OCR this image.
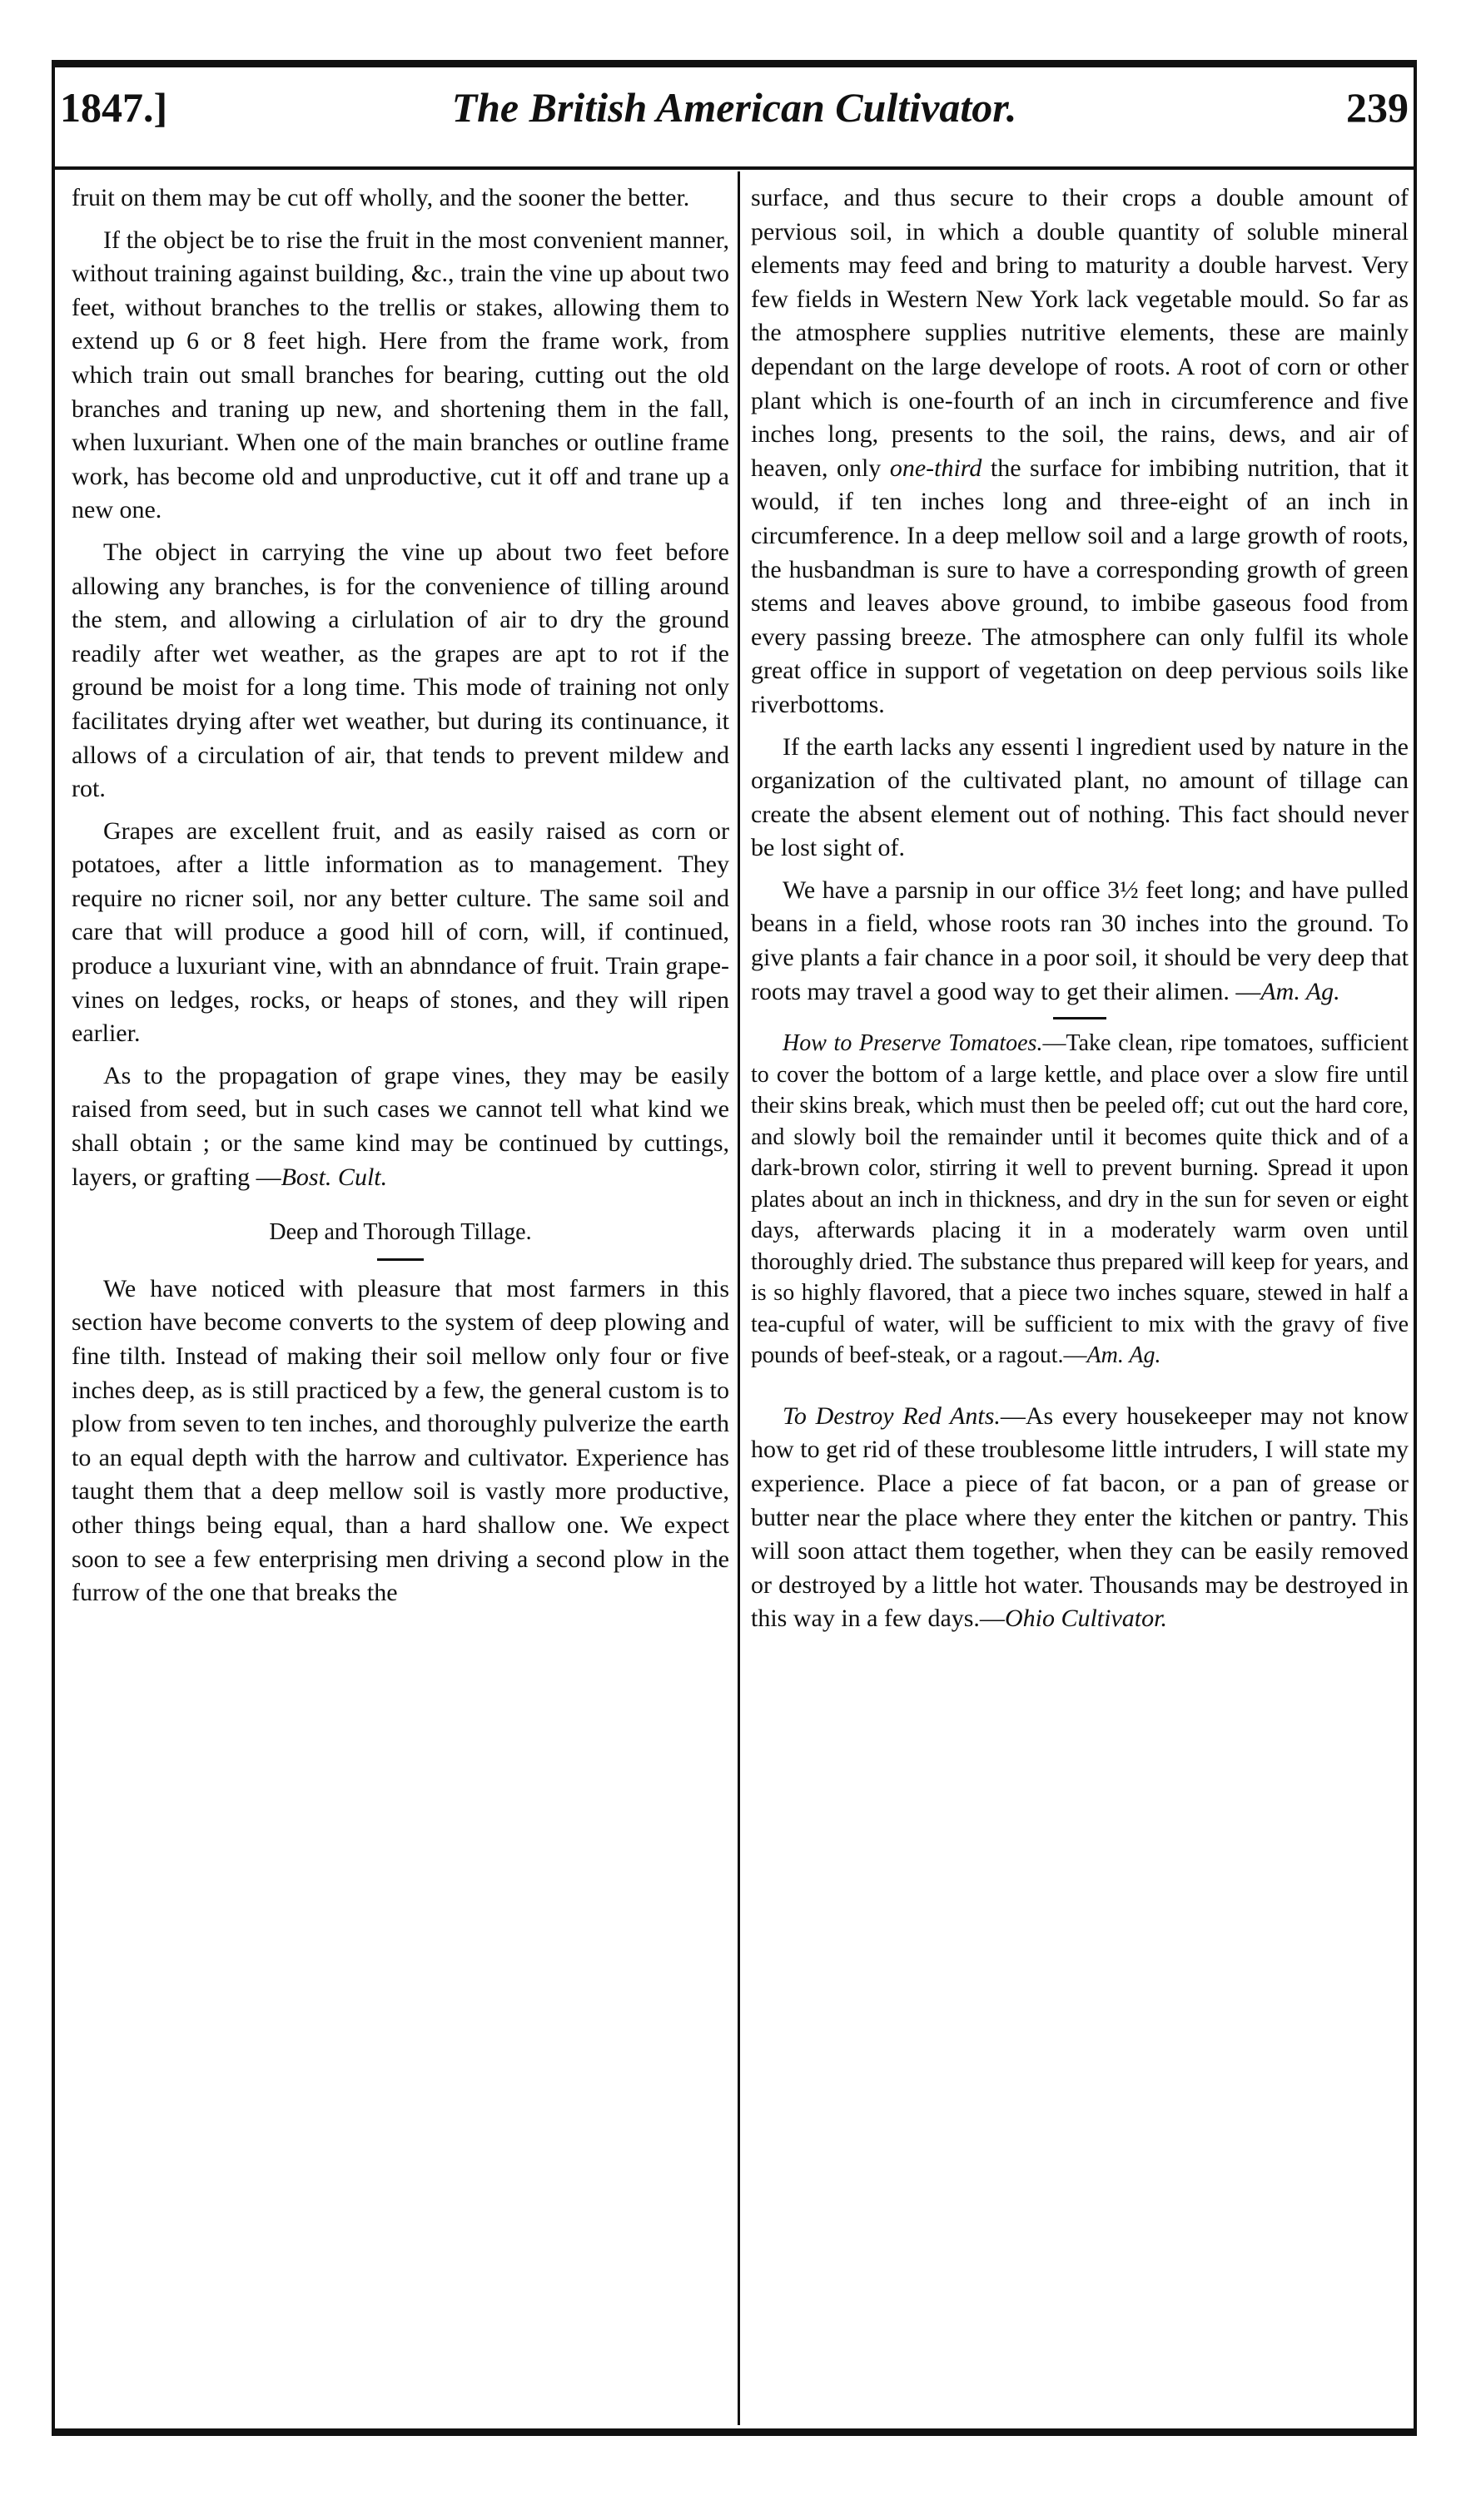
The British American Cultivator.
1847.]	239

fruit on them may be cut off wholly, and the sooner the better.

If the object be to rise the fruit in the most convenient manner, without training against building, &c., train the vine up about two feet, without branches to the trellis or stakes, allowing them to extend up 6 or 8 feet high. Here from the frame work, from which train out small branches for bearing, cutting out the old branches and traning up new, and shortening them in the fall, when luxuriant. When one of the main branches or outline frame work, has become old and unproductive, cut it off and trane up a new one.

The object in carrying the vine up about two feet before allowing any branches, is for the convenience of tilling around the stem, and allowing a cirlulation of air to dry the ground readily after wet weather, as the grapes are apt to rot if the ground be moist for a long time. This mode of training not only facilitates drying after wet weather, but during its continuance, it allows of a circulation of air, that tends to prevent mildew and rot.

Grapes are excellent fruit, and as easily raised as corn or potatoes, after a little information as to management. They require no ricner soil, nor any better culture. The same soil and care that will produce a good hill of corn, will, if continued, produce a luxuriant vine, with an abnndance of fruit. Train grape-vines on ledges, rocks, or heaps of stones, and they will ripen earlier.

As to the propagation of grape vines, they may be easily raised from seed, but in such cases we cannot tell what kind we shall obtain ; or the same kind may be continued by cuttings, layers, or grafting —Bost. Cult.

Deep and Thorough Tillage.

We have noticed with pleasure that most farmers in this section have become converts to the system of deep plowing and fine tilth. Instead of making their soil mellow only four or five inches deep, as is still practiced by a few, the general custom is to plow from seven to ten inches, and thoroughly pulverize the earth to an equal depth with the harrow and cultivator. Experience has taught them that a deep mellow soil is vastly more productive, other things being equal, than a hard shallow one. We expect soon to see a few enterprising men driving a second plow in the furrow of the one that breaks the

surface, and thus secure to their crops a double amount of pervious soil, in which a double quantity of soluble mineral elements may feed and bring to maturity a double harvest. Very few fields in Western New York lack vegetable mould. So far as the atmosphere supplies nutritive elements, these are mainly dependant on the large develope of roots. A root of corn or other plant which is one-fourth of an inch in circumference and five inches long, presents to the soil, the rains, dews, and air of heaven, only one-third the surface for imbibing nutrition, that it would, if ten inches long and three-eight of an inch in circumference. In a deep mellow soil and a large growth of roots, the husbandman is sure to have a corresponding growth of green stems and leaves above ground, to imbibe gaseous food from every passing breeze. The atmosphere can only fulfil its whole great office in support of vegetation on deep pervious soils like riverbottoms.

If the earth lacks any essenti l ingredient used by nature in the organization of the cultivated plant, no amount of tillage can create the absent element out of nothing. This fact should never be lost sight of.

We have a parsnip in our office 3½ feet long; and have pulled beans in a field, whose roots ran 30 inches into the ground. To give plants a fair chance in a poor soil, it should be very deep that roots may travel a good way to get their alimen. —Am. Ag.

How to Preserve Tomatoes.—Take clean, ripe tomatoes, sufficient to cover the bottom of a large kettle, and place over a slow fire until their skins break, which must then be peeled off; cut out the hard core, and slowly boil the remainder until it becomes quite thick and of a dark-brown color, stirring it well to prevent burning. Spread it upon plates about an inch in thickness, and dry in the sun for seven or eight days, afterwards placing it in a moderately warm oven until thoroughly dried. The substance thus prepared will keep for years, and is so highly flavored, that a piece two inches square, stewed in half a tea-cupful of water, will be sufficient to mix with the gravy of five pounds of beef-steak, or a ragout.—Am. Ag.

To Destroy Red Ants.—As every housekeeper may not know how to get rid of these troublesome little intruders, I will state my experience. Place a piece of fat bacon, or a pan of grease or butter near the place where they enter the kitchen or pantry. This will soon attact them together, when they can be easily removed or destroyed by a little hot water. Thousands may be destroyed in this way in a few days.—Ohio Cultivator.
